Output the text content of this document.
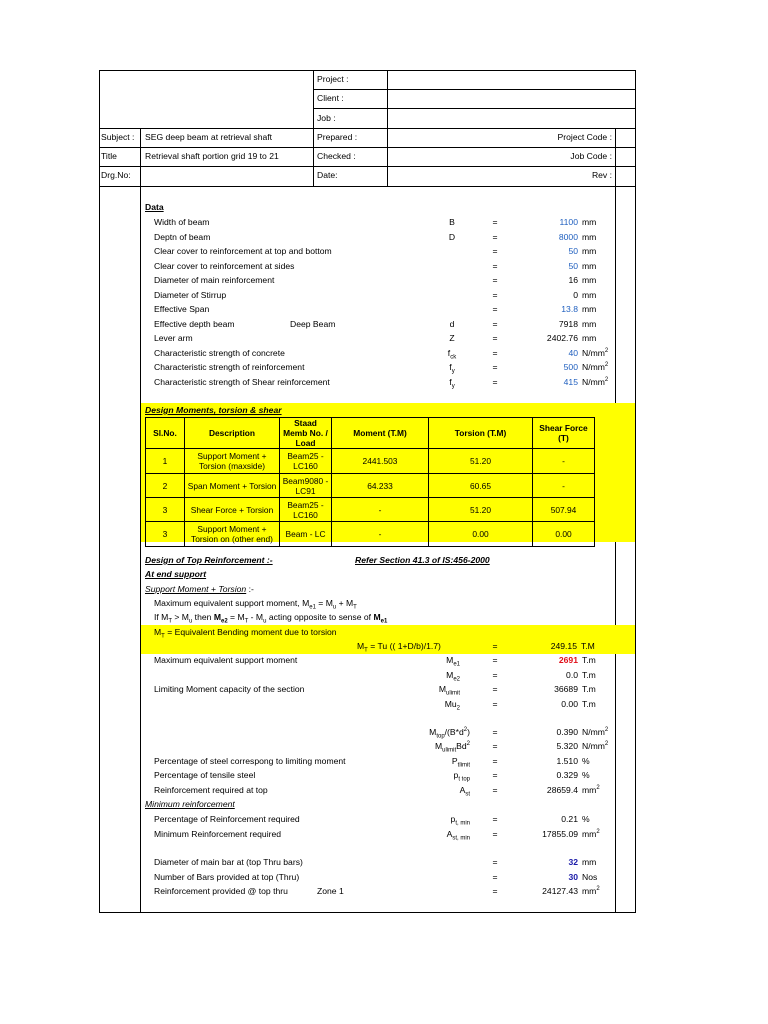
Project :
Client :
Job :
Subject : SEG deep beam at retrieval shaft	Prepared :	Project Code :
Title	Retrieval shaft portion grid 19 to 21	Checked :	Job Code :
Drg.No:	Date:	Rev :
Data
Width of beam	B	=	1100 mm
Deptn of beam	D	=	8000 mm
Clear cover to reinforcement at top and bottom	=	50 mm
Clear cover to reinforcement at sides	=	50 mm
Diameter of main reinforcement	=	16 mm
Diameter of Stirrup	=	0 mm
Effective Span	=	13.8 mm
Effective depth beam	Deep Beam	d	=	7918 mm
Lever arm	Z	=	2402.76 mm
Characteristic strength of concrete	$f_{ck}$	=	40 $N/mm^2$
Characteristic strength of reinforcement	$f_y$	=	500 $N/mm^2$
Characteristic strength of Shear reinforcement	$f_y$	=	415 $N/mm^2$
Design Moments, torsion & shear
Sl.No.	Description	Staad Memb No. / Load	Moment (T.M)	Torsion (T.M)	Shear Force (T)
1	Support Moment + Torsion (maxside)	Beam25 - LC160	2441.503	51.20	-
2	Span Moment + Torsion	Beam9080 - LC91	64.233	60.65	-
3	Shear Force + Torsion	Beam25 - LC160	-	51.20	507.94
3	Support Moment + Torsion on (other end)	Beam - LC	-	0.00	0.00
Design of Top Reinforcement :-	Refer Section 41.3 of IS:456-2000
At end support
Support Moment + Torsion :-
Maximum equivalent support moment, $M_{e1} = M_u + M_T$
If $M_T > M_u$ then $M_{e2} = M_T - M_u$ acting opposite to sense of $M_{e1}$
$M_T$ = Equivalent Bending moment due to torsion
$M_T = Tu$ (( 1+D/b)/1.7)	=	249.15 T.M
Maximum equivalent support moment	$M_{e1}$	=	2691 T.m
$M_{e2}$	=	0.0 T.m
Limiting Moment capacity of the section	$M_{ulimit}$	=	36689 T.m
$Mu_2$	=	0.00 T.m
$M_{top}/(B*d^2)$	=	0.390 $N/mm^2$
$M_{ulimit}Bd^2$	=	5.320 $N/mm^2$
Percentage of steel correspong to limiting moment	$P_{tlimit}$	=	1.510 %
Percentage of tensile steel	$p_{t top}$	=	0.329 %
Reinforcement required at top	$A_{st}$	=	28659.4 $mm^2$
Minimum reinforcement
Percentage of Reinforcement required	$p_{t, min}$	=	0.21 %
Minimum Reinforcement required	$A_{st, min}$	=	17855.09 $mm^2$
Diameter of main bar at (top Thru bars)	=	32 mm
Number of Bars provided at top (Thru)	=	30 Nos
Reinforcement provided @ top thru	Zone 1	=	24127.43 $mm^2$
